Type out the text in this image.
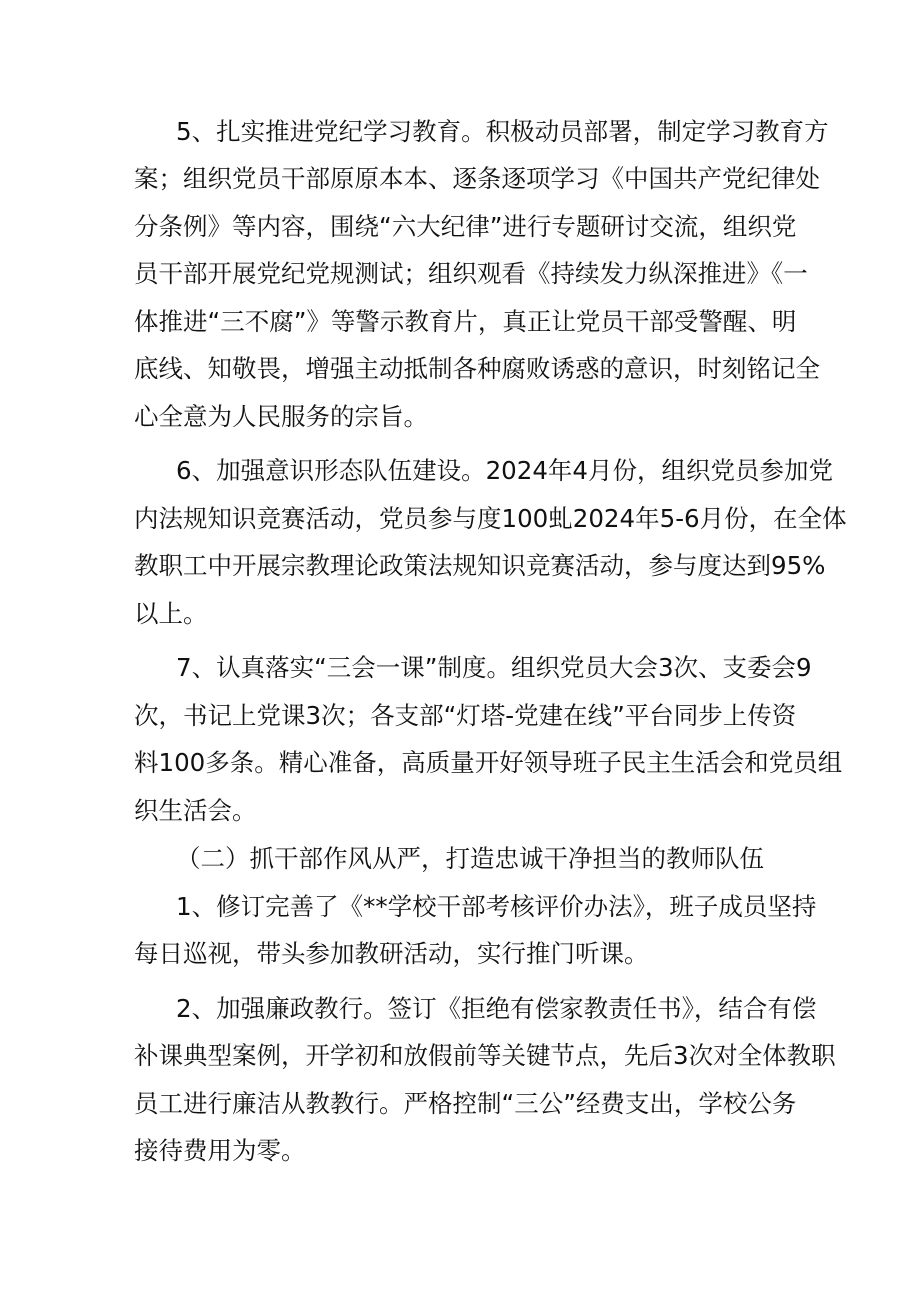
5、扎实推进党纪学习教育。积极动员部署，制定学习教育方

案；组织党员干部原原本本、逐条逐项学习《中国共产党纪律处

分条例》等内容，围绕“六大纪律”进行专题研讨交流，组织党

员干部开展党纪党规测试；组织观看《持续发力纵深推进》《一

体推进“三不腐”》等警示教育片，真正让党员干部受警醒、明

底线、知敬畏，增强主动抵制各种腐败诱惑的意识，时刻铭记全

心全意为人民服务的宗旨。

6、加强意识形态队伍建设。2024年4月份，组织党员参加党

内法规知识竞赛活动，党员参与度100虬2024年5-6月份，在全体

教职工中开展宗教理论政策法规知识竞赛活动，参与度达到95%

以上。

7、认真落实“三会一课”制度。组织党员大会3次、支委会9

次，书记上党课3次；各支部“灯塔-党建在线”平台同步上传资

料100多条。精心准备，高质量开好领导班子民主生活会和党员组

织生活会。

（二）抓干部作风从严，打造忠诚干净担当的教师队伍

1、修订完善了《**学校干部考核评价办法》，班子成员坚持

每日巡视，带头参加教研活动，实行推门听课。

2、加强廉政教行。签订《拒绝有偿家教责任书》，结合有偿

补课典型案例，开学初和放假前等关键节点，先后3次对全体教职

员工进行廉洁从教教行。严格控制“三公”经费支出，学校公务

接待费用为零。
